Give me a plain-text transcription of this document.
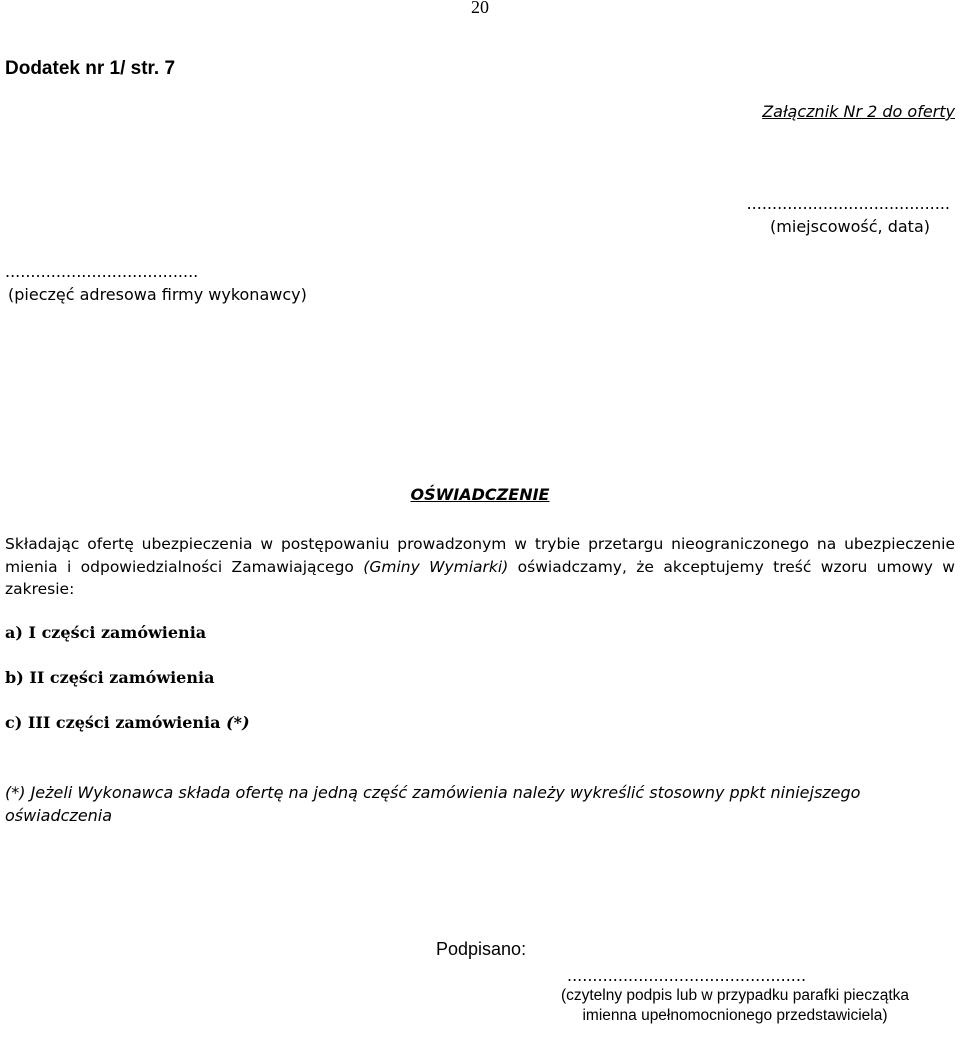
20
Dodatek nr 1/ str. 7
Załącznik Nr 2 do oferty
........................................
(miejscowość, data)
......................................
(pieczęć adresowa firmy wykonawcy)
OŚWIADCZENIE
Składając ofertę ubezpieczenia w postępowaniu prowadzonym w trybie przetargu nieograniczonego na ubezpieczenie mienia i odpowiedzialności Zamawiającego (Gminy Wymiarki) oświadczamy, że akceptujemy treść wzoru umowy w zakresie:
a) I części zamówienia
b) II części zamówienia
c) III części zamówienia (*)
(*) Jeżeli Wykonawca składa ofertę na jedną część zamówienia należy wykreślić stosowny ppkt niniejszego oświadczenia
Podpisano:
...............................................
(czytelny podpis lub w przypadku parafki pieczątka imienna upełnomocnionego przedstawiciela)
